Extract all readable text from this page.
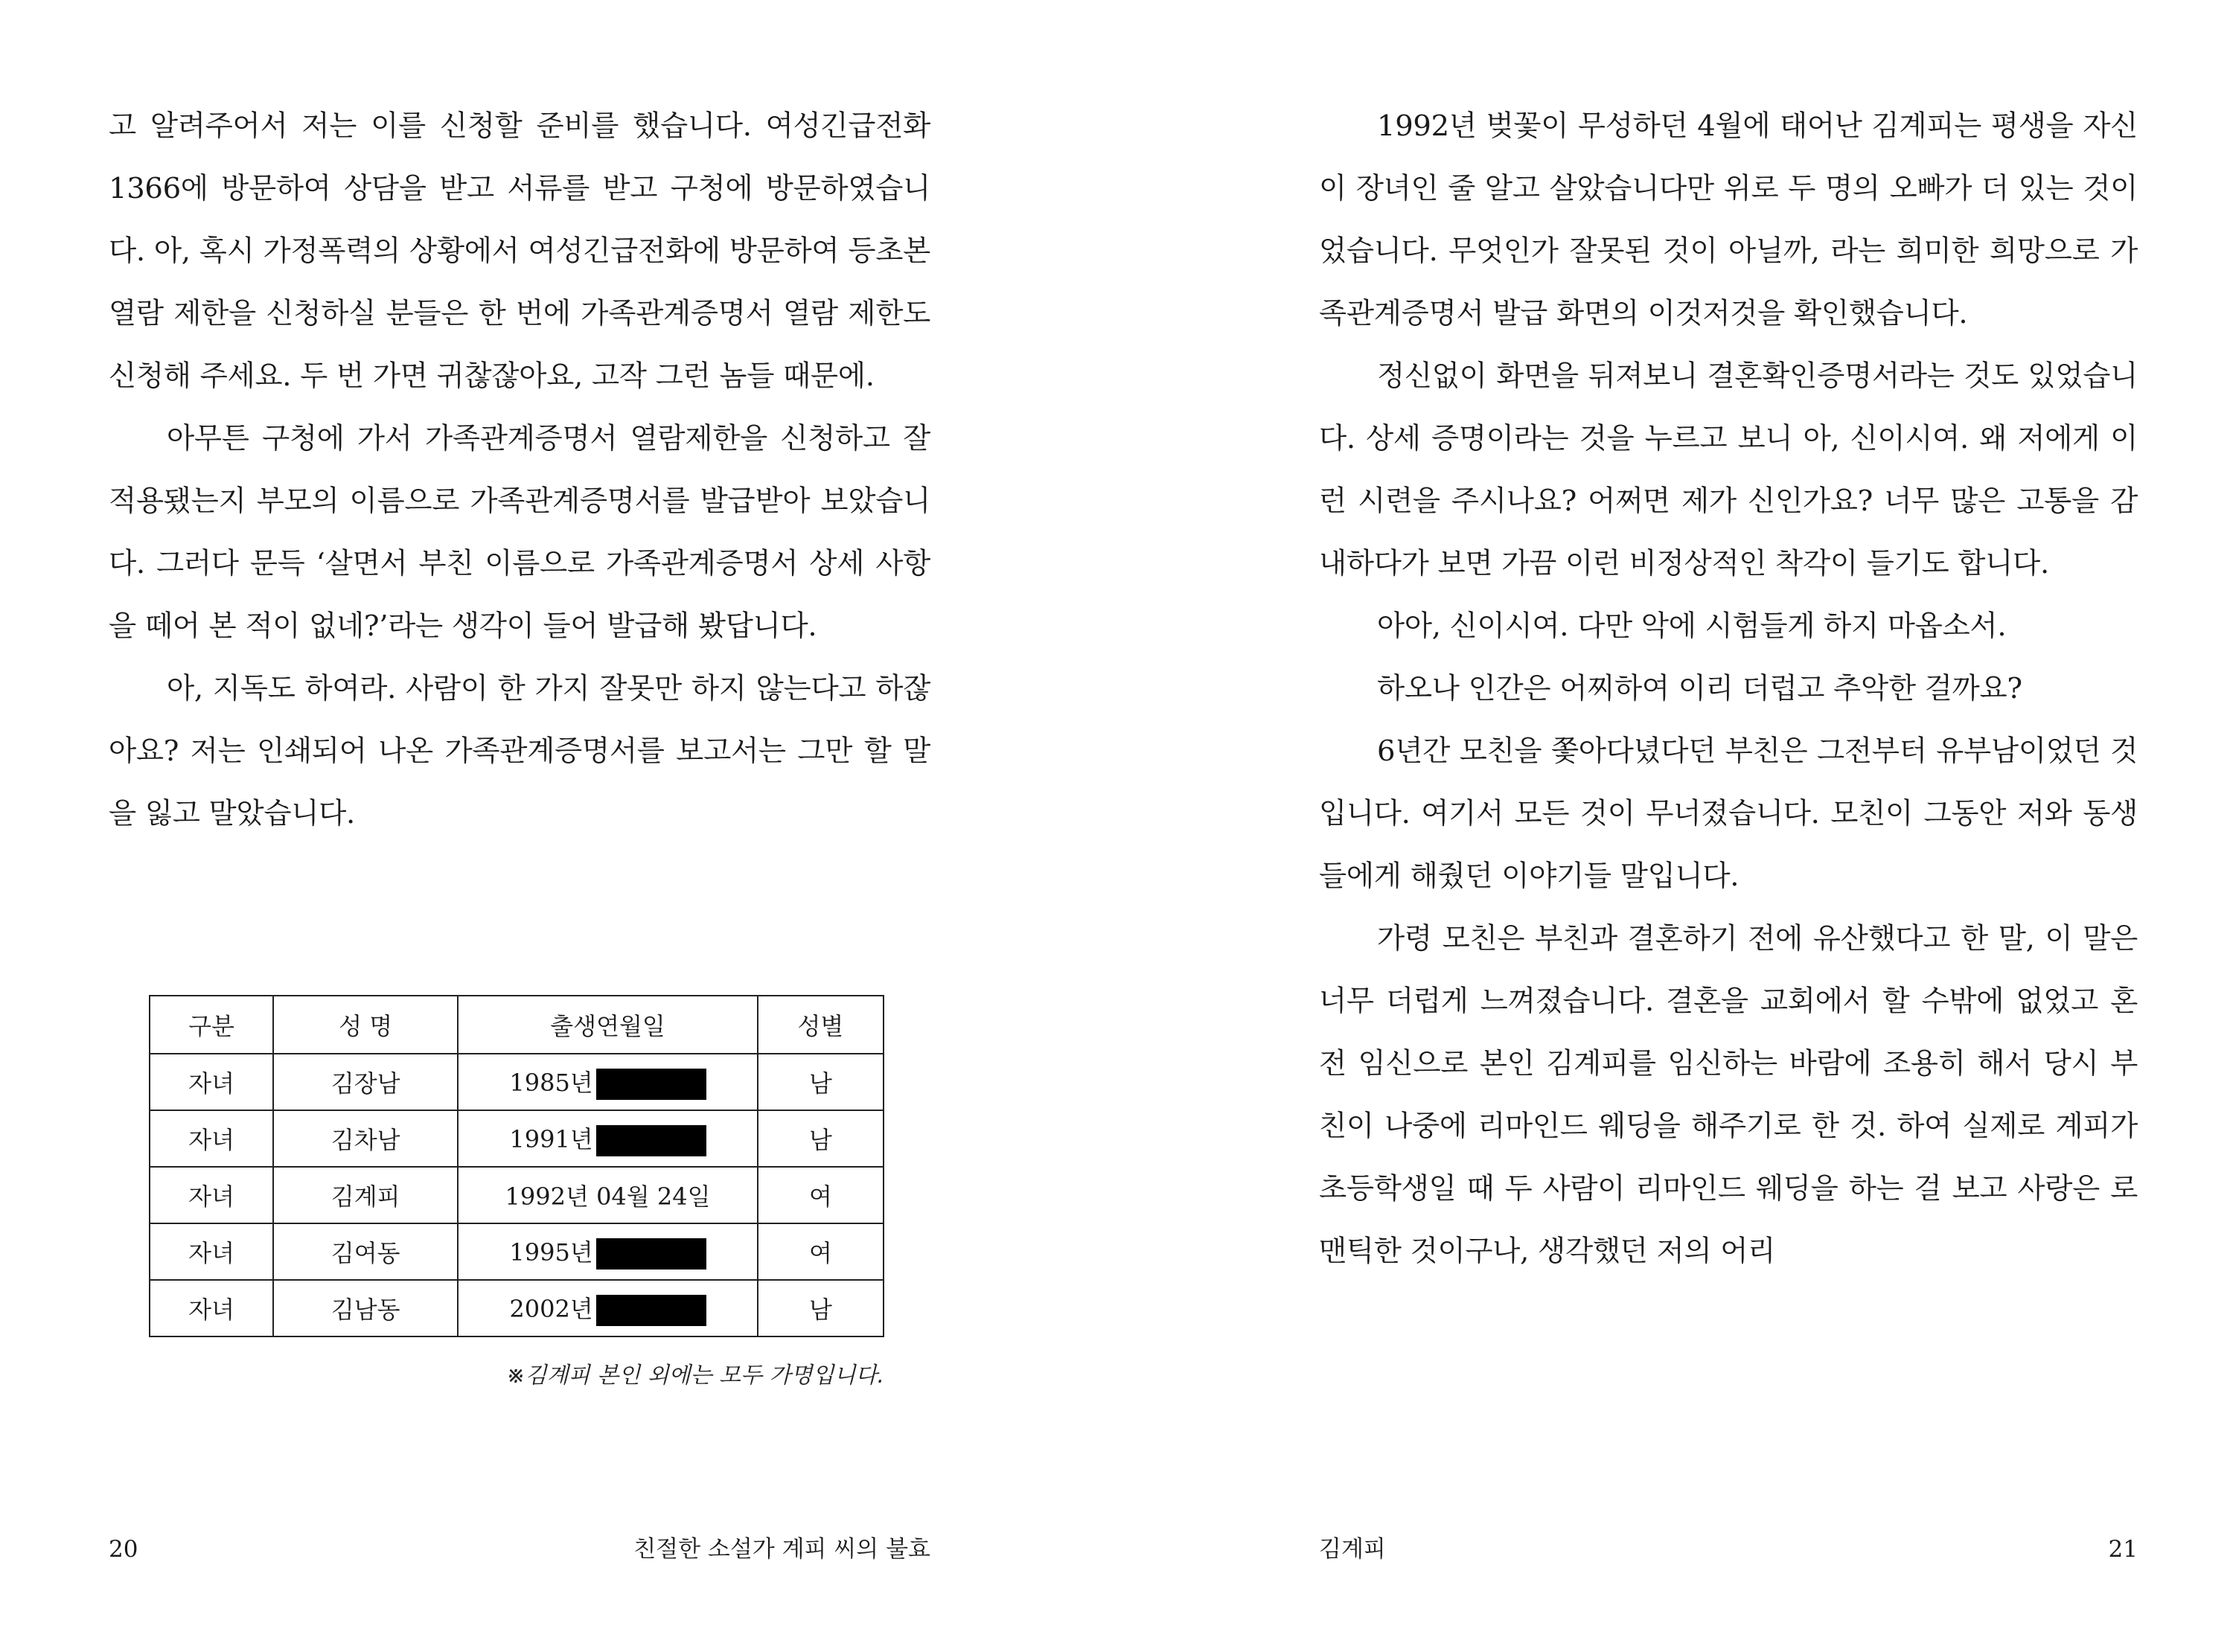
고 알려주어서 저는 이를 신청할 준비를 했습니다. 여성긴급전화1366에 방문하여 상담을 받고 서류를 받고 구청에 방문하였습니다. 아, 혹시 가정폭력의 상황에서 여성긴급전화에 방문하여 등초본 열람 제한을 신청하실 분들은 한 번에 가족관계증명서 열람 제한도 신청해 주세요. 두 번 가면 귀찮잖아요, 고작 그런 놈들 때문에.

아무튼 구청에 가서 가족관계증명서 열람제한을 신청하고 잘 적용됐는지 부모의 이름으로 가족관계증명서를 발급받아 보았습니다. 그러다 문득 ‘살면서 부친 이름으로 가족관계증명서 상세 사항을 떼어 본 적이 없네?’라는 생각이 들어 발급해 봤답니다.

아, 지독도 하여라. 사람이 한 가지 잘못만 하지 않는다고 하잖아요? 저는 인쇄되어 나온 가족관계증명서를 보고서는 그만 할 말을 잃고 말았습니다.

구분	성 명	출생연월일	성별
자녀	김장남	1985년	남
자녀	김차남	1991년	남
자녀	김계피	1992년 04월 24일	여
자녀	김여동	1995년	여
자녀	김남동	2002년	남
※김계피 본인 외에는 모두 가명입니다.
20	친절한 소설가 계피 씨의 불효

1992년 벚꽃이 무성하던 4월에 태어난 김계피는 평생을 자신이 장녀인 줄 알고 살았습니다만 위로 두 명의 오빠가 더 있는 것이었습니다. 무엇인가 잘못된 것이 아닐까, 라는 희미한 희망으로 가족관계증명서 발급 화면의 이것저것을 확인했습니다.

정신없이 화면을 뒤져보니 결혼확인증명서라는 것도 있었습니다. 상세 증명이라는 것을 누르고 보니 아, 신이시여. 왜 저에게 이런 시련을 주시나요? 어쩌면 제가 신인가요? 너무 많은 고통을 감내하다가 보면 가끔 이런 비정상적인 착각이 들기도 합니다.

아아, 신이시여. 다만 악에 시험들게 하지 마옵소서.

하오나 인간은 어찌하여 이리 더럽고 추악한 걸까요?

6년간 모친을 쫓아다녔다던 부친은 그전부터 유부남이었던 것입니다. 여기서 모든 것이 무너졌습니다. 모친이 그동안 저와 동생들에게 해줬던 이야기들 말입니다.

가령 모친은 부친과 결혼하기 전에 유산했다고 한 말, 이 말은 너무 더럽게 느껴졌습니다. 결혼을 교회에서 할 수밖에 없었고 혼전 임신으로 본인 김계피를 임신하는 바람에 조용히 해서 당시 부친이 나중에 리마인드 웨딩을 해주기로 한 것. 하여 실제로 계피가 초등학생일 때 두 사람이 리마인드 웨딩을 하는 걸 보고 사랑은 로맨틱한 것이구나, 생각했던 저의 어리

김계피	21
